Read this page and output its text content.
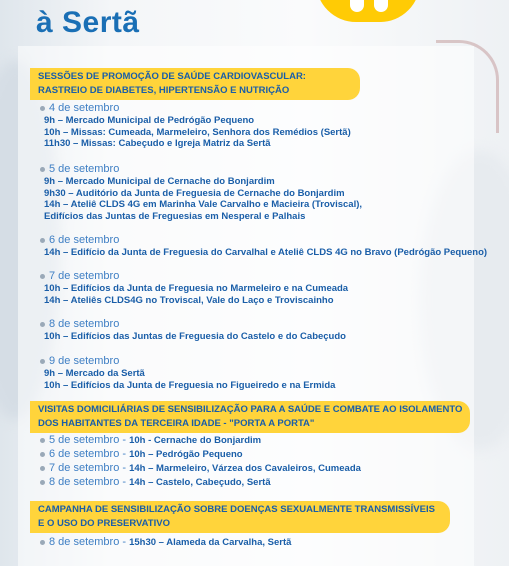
à Sertã
SESSÕES DE PROMOÇÃO DE SAÚDE CARDIOVASCULAR:
RASTREIO DE DIABETES, HIPERTENSÃO E NUTRIÇÃO
4 de setembro
9h – Mercado Municipal de Pedrógão Pequeno
10h – Missas: Cumeada, Marmeleiro, Senhora dos Remédios (Sertã)
11h30 – Missas: Cabeçudo e Igreja Matriz da Sertã
5 de setembro
9h – Mercado Municipal de Cernache do Bonjardim
9h30 – Auditório da Junta de Freguesia de Cernache do Bonjardim
14h – Ateliê CLDS 4G em Marinha Vale Carvalho e Macieira (Troviscal),
Edifícios das Juntas de Freguesias em Nesperal e Palhais
6 de setembro
14h – Edifício da Junta de Freguesia do Carvalhal e Ateliê CLDS 4G no Bravo (Pedrógão Pequeno)
7 de setembro
10h – Edifícios da Junta de Freguesia no Marmeleiro e na Cumeada
14h – Ateliês CLDS4G no Troviscal, Vale do Laço e Troviscainho
8 de setembro
10h – Edifícios das Juntas de Freguesia do Castelo e do Cabeçudo
9 de setembro
9h – Mercado da Sertã
10h – Edifícios da Junta de Freguesia no Figueiredo e na Ermida
VISITAS DOMICILIÁRIAS DE SENSIBILIZAÇÃO PARA A SAÚDE E COMBATE AO ISOLAMENTO
DOS HABITANTES DA TERCEIRA IDADE - "PORTA A PORTA"
5 de setembro - 10h - Cernache do Bonjardim
6 de setembro - 10h – Pedrógão Pequeno
7 de setembro - 14h – Marmeleiro, Várzea dos Cavaleiros, Cumeada
8 de setembro - 14h – Castelo, Cabeçudo, Sertã
CAMPANHA DE SENSIBILIZAÇÃO SOBRE DOENÇAS SEXUALMENTE TRANSMISSÍVEIS
E O USO DO PRESERVATIVO
8 de setembro - 15h30 – Alameda da Carvalha, Sertã
